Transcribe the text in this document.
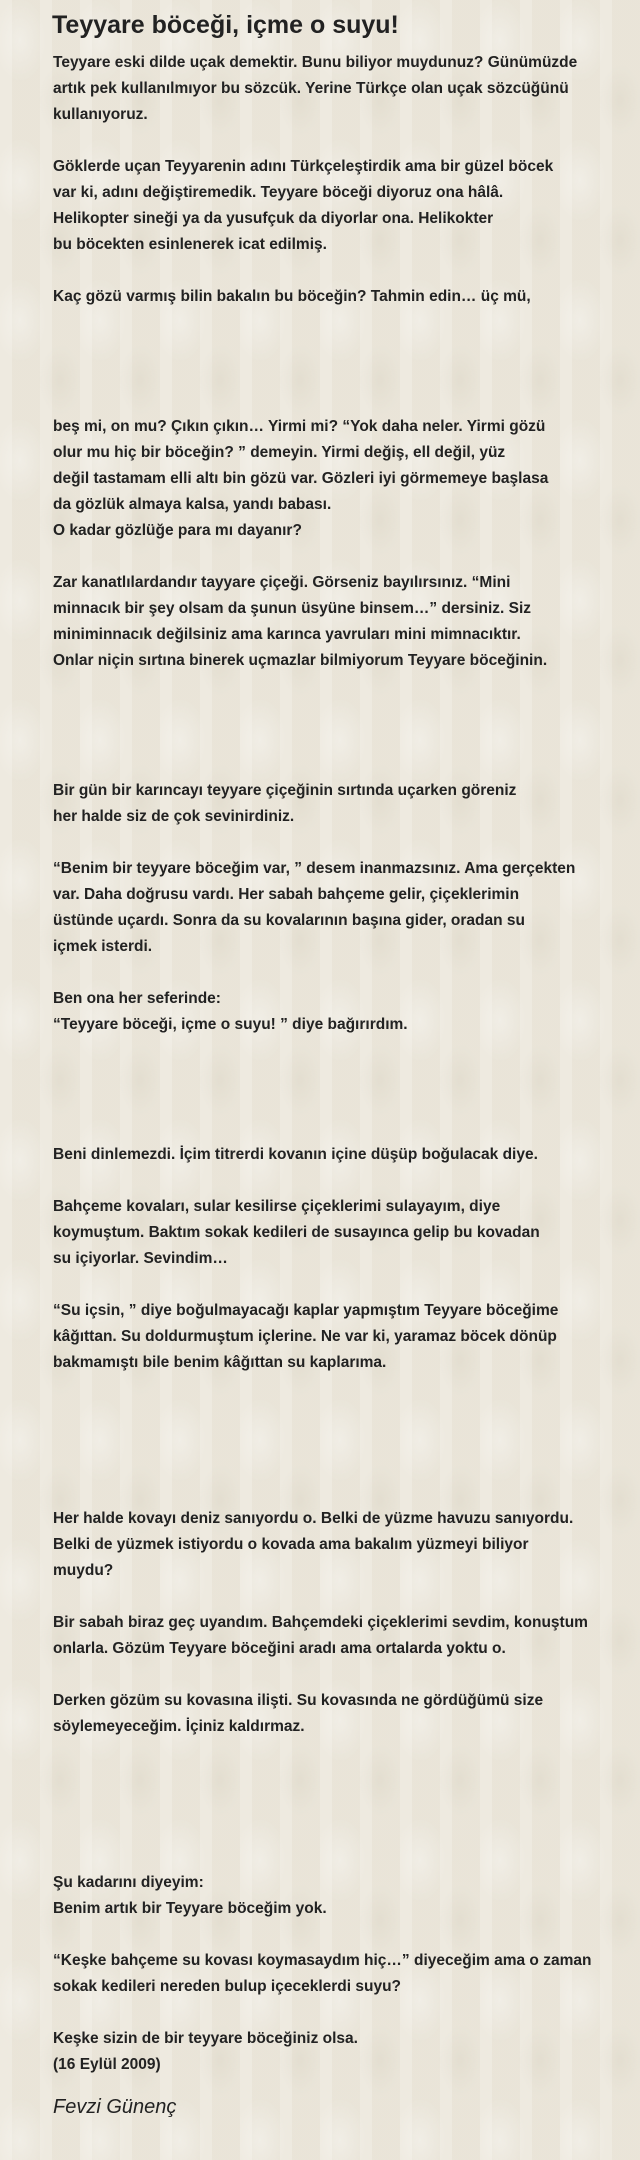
Teyyare böceği, içme o suyu!
Teyyare eski dilde uçak demektir. Bunu biliyor muydunuz? Günümüzde
artık pek kullanılmıyor bu sözcük. Yerine Türkçe olan uçak sözcüğünü
kullanıyoruz.
Göklerde uçan Teyyarenin adını Türkçeleştirdik ama bir güzel böcek
var ki, adını değiştiremedik. Teyyare böceği diyoruz ona hâlâ.
Helikopter sineği ya da yusufçuk da diyorlar ona. Helikokter
bu böcekten esinlenerek icat edilmiş.
Kaç gözü varmış bilin bakalın bu böceğin? Tahmin edin… üç mü,
beş mi, on mu? Çıkın çıkın… Yirmi mi? “Yok daha neler. Yirmi gözü
olur mu hiç bir böceğin? ” demeyin. Yirmi değiş, ell değil, yüz
değil tastamam elli altı bin gözü var. Gözleri iyi görmemeye başlasa
da gözlük almaya kalsa, yandı babası.
O kadar gözlüğe para mı dayanır?
Zar kanatlılardandır tayyare çiçeği. Görseniz bayılırsınız. “Mini
minnacık bir şey olsam da şunun üsyüne binsem…” dersiniz. Siz
miniminnacık değilsiniz ama karınca yavruları mini mimnacıktır.
Onlar niçin sırtına binerek uçmazlar bilmiyorum Teyyare böceğinin.
Bir gün bir karıncayı teyyare çiçeğinin sırtında uçarken göreniz
her halde siz de çok sevinirdiniz.
“Benim bir teyyare böceğim var, ” desem inanmazsınız. Ama gerçekten
var. Daha doğrusu vardı. Her sabah bahçeme gelir, çiçeklerimin
üstünde uçardı. Sonra da su kovalarının başına gider, oradan su
içmek isterdi.
Ben ona her seferinde:
“Teyyare böceği, içme o suyu! ” diye bağırırdım.
Beni dinlemezdi. İçim titrerdi kovanın içine düşüp boğulacak diye.
Bahçeme kovaları, sular kesilirse çiçeklerimi sulayayım, diye
koymuştum. Baktım sokak kedileri de susayınca gelip bu kovadan
su içiyorlar. Sevindim…
“Su içsin, ” diye boğulmayacağı kaplar yapmıştım Teyyare böceğime
kâğıttan. Su doldurmuştum içlerine. Ne var ki, yaramaz böcek dönüp
bakmamıştı bile benim kâğıttan su kaplarıma.
Her halde kovayı deniz sanıyordu o. Belki de yüzme havuzu sanıyordu.
Belki de yüzmek istiyordu o kovada ama bakalım yüzmeyi biliyor
muydu?
Bir sabah biraz geç uyandım. Bahçemdeki çiçeklerimi sevdim, konuştum
onlarla. Gözüm Teyyare böceğini aradı ama ortalarda yoktu o.
Derken gözüm su kovasına ilişti. Su kovasında ne gördüğümü size
söylemeyeceğim. İçiniz kaldırmaz.
Şu kadarını diyeyim:
Benim artık bir Teyyare böceğim yok.
“Keşke bahçeme su kovası koymasaydım hiç…” diyeceğim ama o zaman
sokak kedileri nereden bulup içeceklerdi suyu?
Keşke sizin de bir teyyare böceğiniz olsa.
(16 Eylül 2009)
Fevzi Günenç
